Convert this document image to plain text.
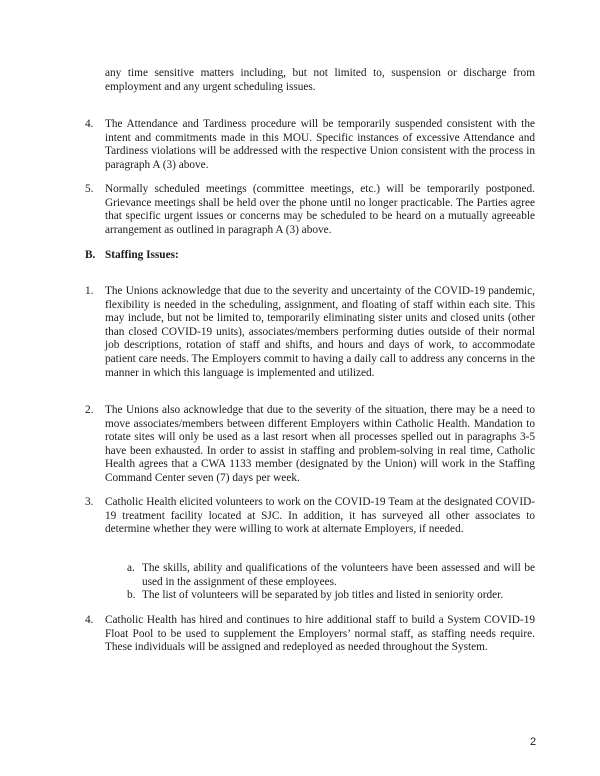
any time sensitive matters including, but not limited to, suspension or discharge from employment and any urgent scheduling issues.

4.	The Attendance and Tardiness procedure will be temporarily suspended consistent with the intent and commitments made in this MOU. Specific instances of excessive Attendance and Tardiness violations will be addressed with the respective Union consistent with the process in paragraph A (3) above.

5.	Normally scheduled meetings (committee meetings, etc.) will be temporarily postponed. Grievance meetings shall be held over the phone until no longer practicable. The Parties agree that specific urgent issues or concerns may be scheduled to be heard on a mutually agreeable arrangement as outlined in paragraph A (3) above.

B. Staffing Issues:
1.	The Unions acknowledge that due to the severity and uncertainty of the COVID-19 pandemic, flexibility is needed in the scheduling, assignment, and floating of staff within each site. This may include, but not be limited to, temporarily eliminating sister units and closed units (other than closed COVID-19 units), associates/members performing duties outside of their normal job descriptions, rotation of staff and shifts, and hours and days of work, to accommodate patient care needs. The Employers commit to having a daily call to address any concerns in the manner in which this language is implemented and utilized.

2.	The Unions also acknowledge that due to the severity of the situation, there may be a need to move associates/members between different Employers within Catholic Health. Mandation to rotate sites will only be used as a last resort when all processes spelled out in paragraphs 3-5 have been exhausted. In order to assist in staffing and problem-solving in real time, Catholic Health agrees that a CWA 1133 member (designated by the Union) will work in the Staffing Command Center seven (7) days per week.

3.	Catholic Health elicited volunteers to work on the COVID-19 Team at the designated COVID-19 treatment facility located at SJC. In addition, it has surveyed all other associates to determine whether they were willing to work at alternate Employers, if needed.

a. The skills, ability and qualifications of the volunteers have been assessed and will be used in the assignment of these employees.

b. The list of volunteers will be separated by job titles and listed in seniority order.

4.	Catholic Health has hired and continues to hire additional staff to build a System COVID-19 Float Pool to be used to supplement the Employers’ normal staff, as staffing needs require. These individuals will be assigned and redeployed as needed throughout the System.

2
